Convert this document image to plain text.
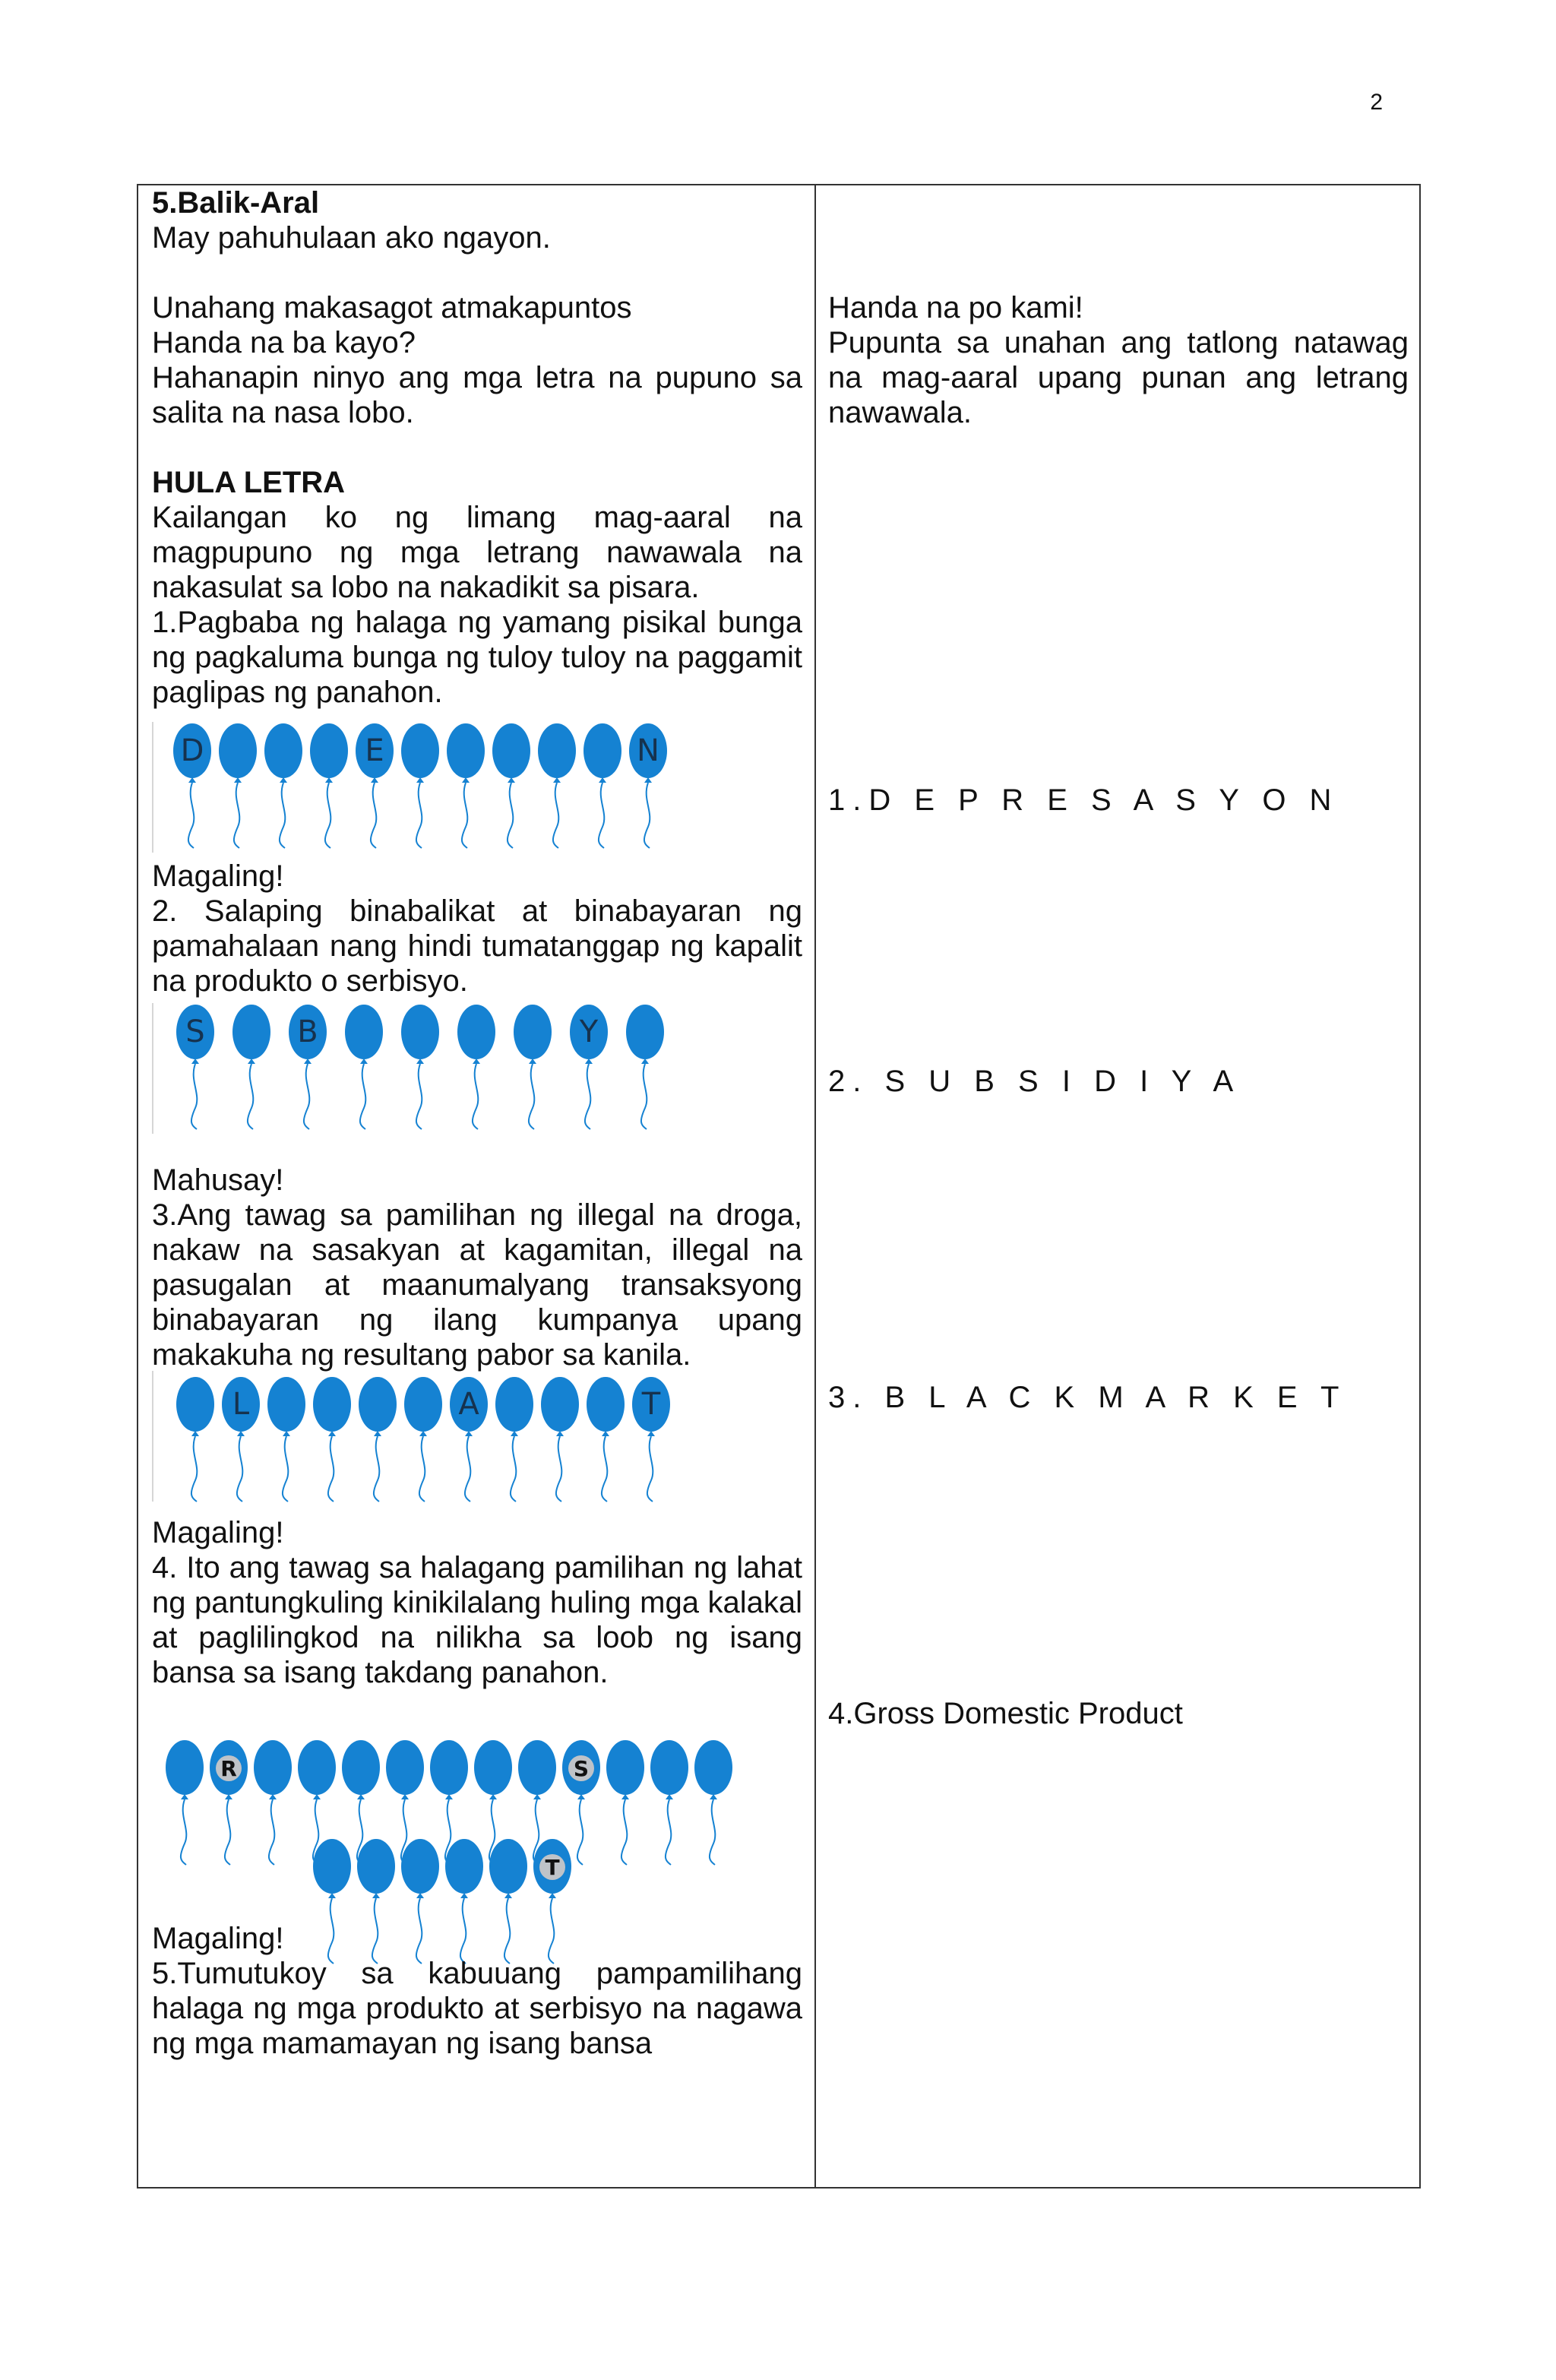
2

5.Balik-Aral

May pahuhulaan ako ngayon.

Unahang makasagot atmakapuntos

Handa na ba kayo?

Hahanapin ninyo ang mga letra na pupuno sa salita na nasa lobo.

HULA LETRA

Kailangan ko ng limang mag-aaral na magpupuno ng mga letrang nawawala na nakasulat sa lobo na nakadikit sa pisara.

1.Pagbaba ng halaga ng yamang pisikal bunga ng pagkaluma bunga ng tuloy tuloy na paggamit paglipas ng panahon.

D	E	N

Magaling!

2. Salaping binabalikat at binabayaran ng pamahalaan nang hindi tumatanggap ng kapalit na produkto o serbisyo.

S	B	Y

Mahusay!

3.Ang tawag sa pamilihan ng illegal na droga, nakaw na sasakyan at kagamitan, illegal na pasugalan at maanumalyang transaksyong binabayaran ng ilang kumpanya upang makakuha ng resultang pabor sa kanila.

L	A	T

Magaling!

4. Ito ang tawag sa halagang pamilihan ng lahat ng pantungkuling kinikilalang huling mga kalakal at paglilingkod na nilikha sa loob ng isang bansa sa isang takdang panahon.

R	S
T

Magaling!

5.Tumutukoy sa kabuuang pampamilihang halaga ng mga produkto at serbisyo na nagawa ng mga mamamayan ng isang bansa

Handa na po kami!

Pupunta sa unahan ang tatlong natawag na mag-aaral upang punan ang letrang nawawala.

1.D E P R E S A S Y O N

2. S U B S I D I Y A

3. B L A C K M A R K E T

4.Gross Domestic Product
